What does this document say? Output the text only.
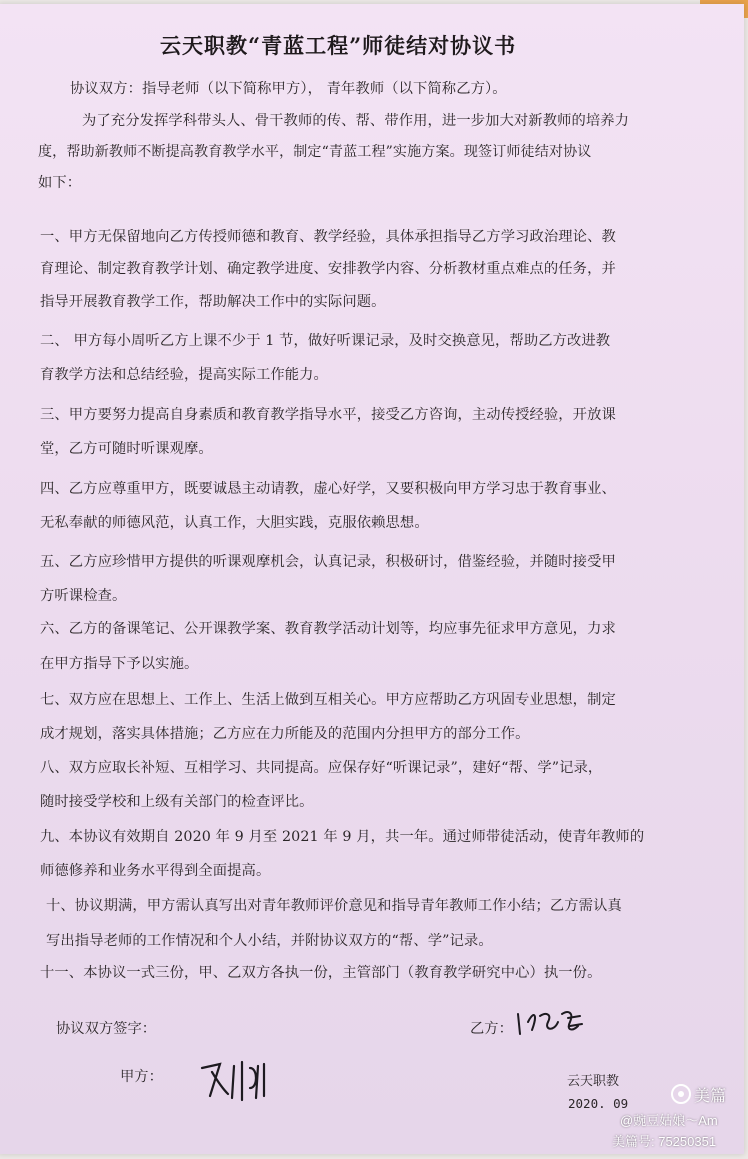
云天职教“青蓝工程”师徒结对协议书
协议双方：指导老师（以下简称甲方）， 青年教师（以下简称乙方）。
为了充分发挥学科带头人、骨干教师的传、帮、带作用，进一步加大对新教师的培养力
度，帮助新教师不断提高教育教学水平，制定“青蓝工程”实施方案。现签订师徒结对协议
如下：
一、甲方无保留地向乙方传授师德和教育、教学经验，具体承担指导乙方学习政治理论、教
育理论、制定教育教学计划、确定教学进度、安排教学内容、分析教材重点难点的任务，并
指导开展教育教学工作，帮助解决工作中的实际问题。
二、 甲方每小周听乙方上课不少于 1 节，做好听课记录，及时交换意见，帮助乙方改进教
育教学方法和总结经验，提高实际工作能力。
三、甲方要努力提高自身素质和教育教学指导水平，接受乙方咨询，主动传授经验，开放课
堂，乙方可随时听课观摩。
四、乙方应尊重甲方，既要诚恳主动请教，虚心好学，又要积极向甲方学习忠于教育事业、
无私奉献的师德风范，认真工作，大胆实践，克服依赖思想。
五、乙方应珍惜甲方提供的听课观摩机会，认真记录，积极研讨，借鉴经验，并随时接受甲
方听课检查。
六、乙方的备课笔记、公开课教学案、教育教学活动计划等，均应事先征求甲方意见，力求
在甲方指导下予以实施。
七、双方应在思想上、工作上、生活上做到互相关心。甲方应帮助乙方巩固专业思想，制定
成才规划，落实具体措施；乙方应在力所能及的范围内分担甲方的部分工作。
八、双方应取长补短、互相学习、共同提高。应保存好“听课记录”，建好“帮、学”记录，
随时接受学校和上级有关部门的检查评比。
九、本协议有效期自 2020 年 9 月至 2021 年 9 月，共一年。通过师带徒活动，使青年教师的
师德修养和业务水平得到全面提高。
十、协议期满，甲方需认真写出对青年教师评价意见和指导青年教师工作小结；乙方需认真
写出指导老师的工作情况和个人小结，并附协议双方的“帮、学”记录。
十一、本协议一式三份，甲、乙双方各执一份，主管部门（教育教学研究中心）执一份。
协议双方签字：	乙方：
甲方：	云天职教
2020. 09	美篇
@豌豆姑娘～Am
美篇号: 75250351
